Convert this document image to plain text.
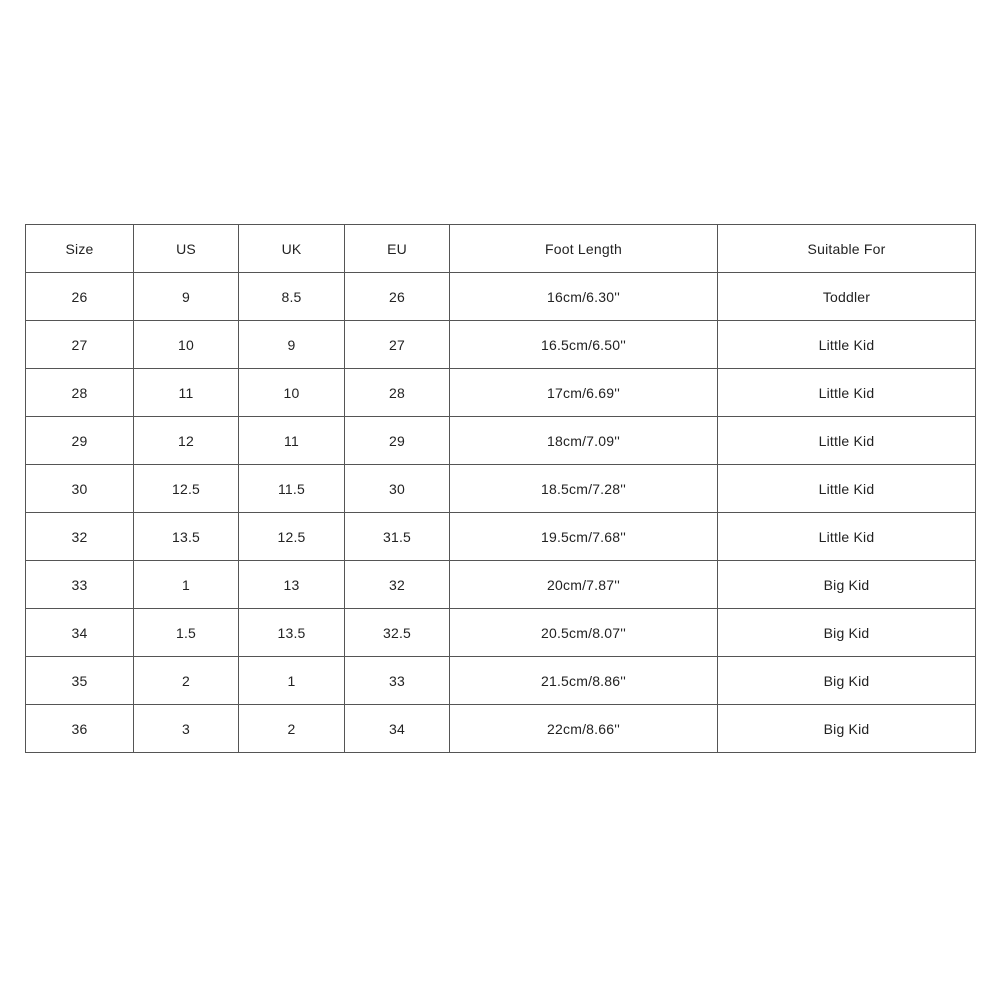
Size	US	UK	EU	Foot Length	Suitable For
26	9	8.5	26	16cm/6.30''	Toddler
27	10	9	27	16.5cm/6.50''	Little Kid
28	11	10	28	17cm/6.69''	Little Kid
29	12	11	29	18cm/7.09''	Little Kid
30	12.5	11.5	30	18.5cm/7.28''	Little Kid
32	13.5	12.5	31.5	19.5cm/7.68''	Little Kid
33	1	13	32	20cm/7.87''	Big Kid
34	1.5	13.5	32.5	20.5cm/8.07''	Big Kid
35	2	1	33	21.5cm/8.86''	Big Kid
36	3	2	34	22cm/8.66''	Big Kid
